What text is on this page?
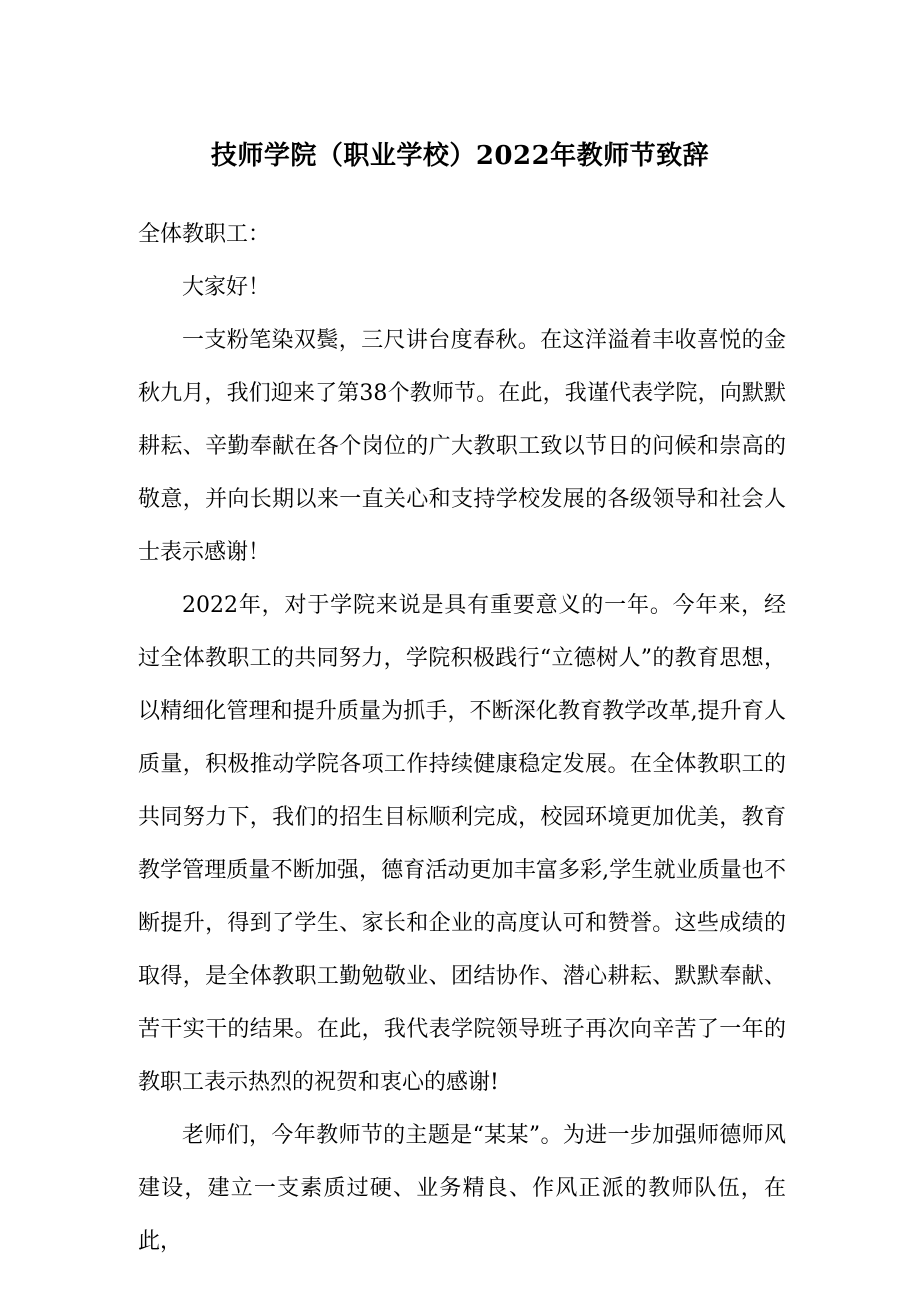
技师学院（职业学校）2022年教师节致辞

全体教职工：

大家好！

一支粉笔染双鬓，三尺讲台度春秋。在这洋溢着丰收喜悦的金秋九月，我们迎来了第38个教师节。在此，我谨代表学院，向默默耕耘、辛勤奉献在各个岗位的广大教职工致以节日的问候和崇高的敬意，并向长期以来一直关心和支持学校发展的各级领导和社会人士表示感谢！

2022年，对于学院来说是具有重要意义的一年。今年来，经过全体教职工的共同努力，学院积极践行“立德树人”的教育思想，以精细化管理和提升质量为抓手，不断深化教育教学改革,提升育人质量，积极推动学院各项工作持续健康稳定发展。在全体教职工的共同努力下，我们的招生目标顺利完成，校园环境更加优美，教育教学管理质量不断加强，德育活动更加丰富多彩,学生就业质量也不断提升，得到了学生、家长和企业的高度认可和赞誉。这些成绩的取得，是全体教职工勤勉敬业、团结协作、潜心耕耘、默默奉献、苦干实干的结果。在此，我代表学院领导班子再次向辛苦了一年的教职工表示热烈的祝贺和衷心的感谢!

老师们，今年教师节的主题是“某某”。为进一步加强师德师风建设，建立一支素质过硬、业务精良、作风正派的教师队伍，在此，
